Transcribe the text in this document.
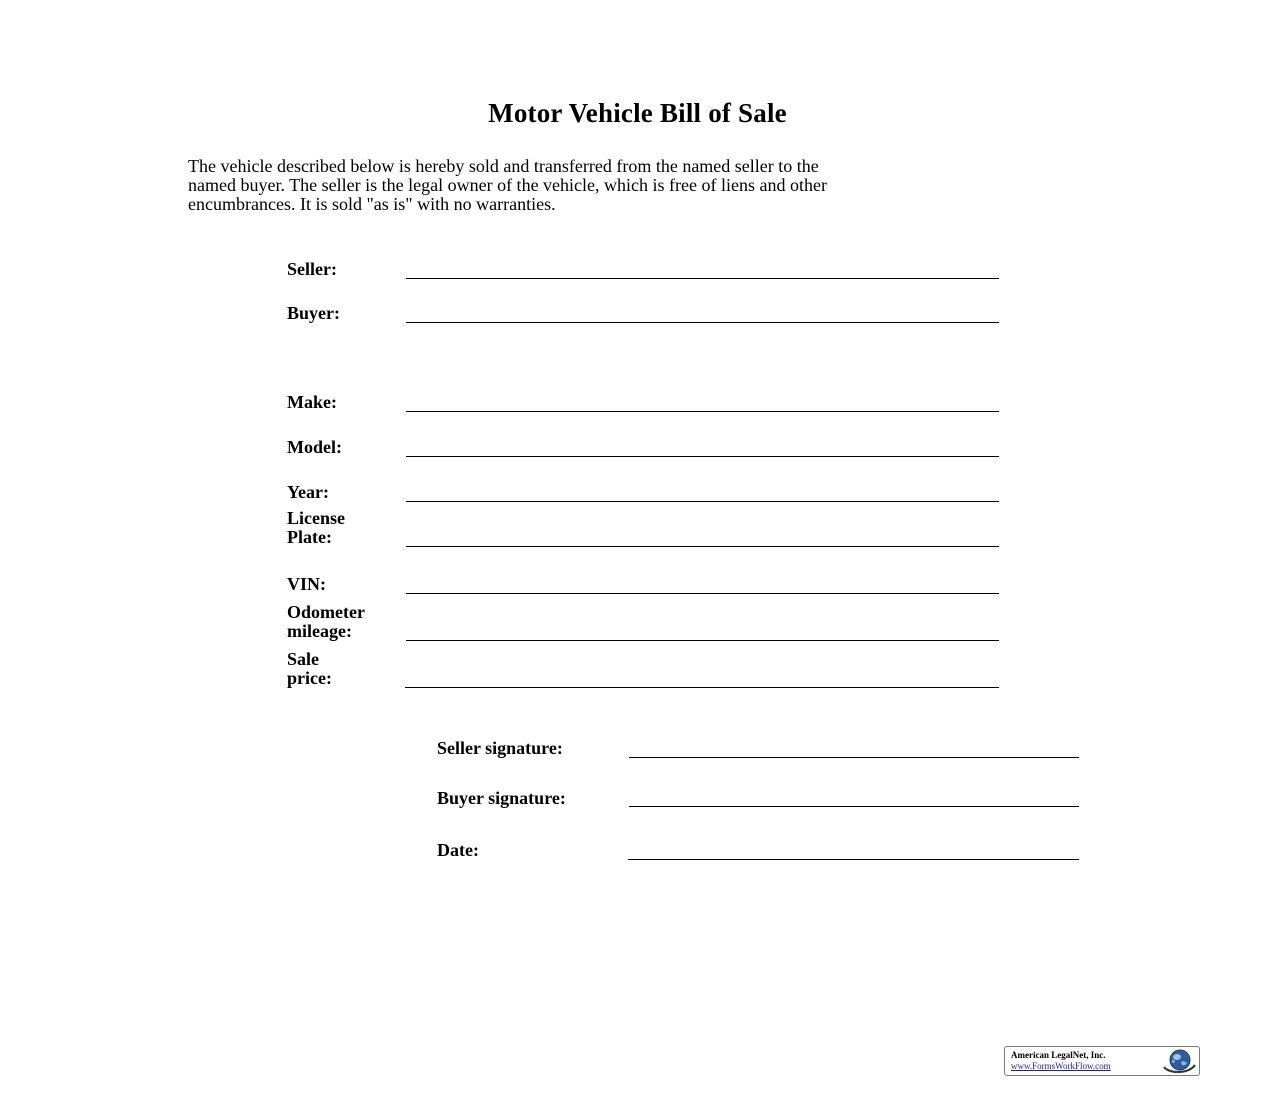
Motor Vehicle Bill of Sale
The vehicle described below is hereby sold and transferred from the named seller to the
named buyer. The seller is the legal owner of the vehicle, which is free of liens and other
encumbrances. It is sold "as is" with no warranties.
Seller:
Buyer:
Make:
Model:
Year:
License
Plate:
VIN:
Odometer
mileage:
Sale
price:
Seller signature:
Buyer signature:
Date:
American LegalNet, Inc.
www.FormsWorkFlow.com
